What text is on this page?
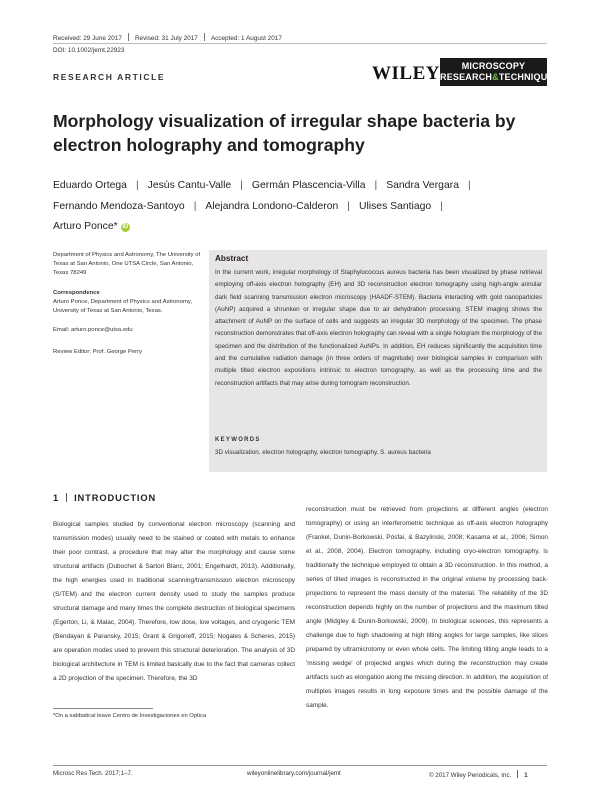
Received: 29 June 2017 Revised: 31 July 2017 Accepted: 1 August 2017
DOI: 10.1002/jemt.22923
RESEARCH ARTICLE	WILEY	MICROSCOPY
RESEARCH&TECHNIQUE
Morphology visualization of irregular shape bacteria by electron holography and tomography
Eduardo Ortega | Jesús Cantu-Valle | Germán Plascencia-Villa | Sandra Vergara |
Fernando Mendoza-Santoyo | Alejandra Londono-Calderon | Ulises Santiago |
Arturo Ponce* iD
Department of Physics and Astronomy, The University of Texas at San Antonio, One UTSA Circle, San Antonio, Texas 78249
Correspondence
Arturo Ponce, Department of Physics and Astronomy, University of Texas at San Antonio, Texas.
Email: arturo.ponce@utsa.edu
Review Editor: Prof. George Perry
Abstract
In the current work, irregular morphology of Staphylococcus aureus bacteria has been visualized by phase retrieval employing off-axis electron holography (EH) and 3D reconstruction electron tomography using high-angle annular dark field scanning transmission electron microscopy (HAADF-STEM). Bacteria interacting with gold nanoparticles (AuNP) acquired a shrunken or irregular shape due to air dehydration processing. STEM imaging shows the attachment of AuNP on the surface of cells and suggests an irregular 3D morphology of the specimen. The phase reconstruction demonstrates that off-axis electron holography can reveal with a single hologram the morphology of the specimen and the distribution of the functionalized AuNPs. In addition, EH reduces significantly the acquisition time and the cumulative radiation damage (in three orders of magnitude) over biological samples in comparison with multiple tilted electron expositions intrinsic to electron tomography, as well as the processing time and the reconstruction artifacts that may arise during tomogram reconstruction.
KEYWORDS
3D visualization, electron holography, electron tomography, S. aureus bacteria
1 INTRODUCTION
Biological samples studied by conventional electron microscopy (scanning and transmission modes) usually need to be stained or coated with metals to enhance their poor contrast, a procedure that may alter the morphology and cause some structural artifacts (Dubochet & Sartori Blanc, 2001; Engelhardt, 2013). Additionally, the high energies used in traditional scanning/transmission electron microscopy (S/TEM) and the electron current density used to study the samples produce structural damage and many times the complete destruction of biological specimens (Egerton, Li, & Malac, 2004). Therefore, low dose, low voltages, and cryogenic TEM (Bendayan & Paransky, 2015; Grant & Grigorieff, 2015; Nogales & Scheres, 2015) are operation modes used to prevent this structural deterioration. The analysis of 3D biological architecture in TEM is limited basically due to the fact that cameras collect a 2D projection of the specimen. Therefore, the 3D
reconstruction must be retrieved from projections at different angles (electron tomography) or using an interferometric technique as off-axis electron holography (Frankel, Dunin-Borkowski, Pósfai, & Bazylinski, 2008; Kasama et al., 2006; Simon et al., 2008, 2004). Electron tomography, including cryo-electron tomography, is traditionally the technique employed to obtain a 3D reconstruction. In this method, a series of tilted images is reconstructed in the original volume by processing back-projections to represent the mass density of the material. The reliability of the 3D reconstruction depends highly on the number of projections and the maximum tilted angle (Midgley & Dunin-Borkowski, 2009). In biological sciences, this represents a challenge due to high shadowing at high tilting angles for large samples, like slices prepared by ultramicrotomy or even whole cells. The limiting tilting angle leads to a 'missing wedge' of projected angles which during the reconstruction may create artifacts such as elongation along the missing direction. In addition, the acquisition of multiples images results in long exposure times and the possible damage of the sample.
*On a sabbatical leave Centro de Investigaciones en Optica
Microsc Res Tech. 2017;1–7.	wileyonlinelibrary.com/journal/jemt	© 2017 Wiley Periodicals, Inc. 1
